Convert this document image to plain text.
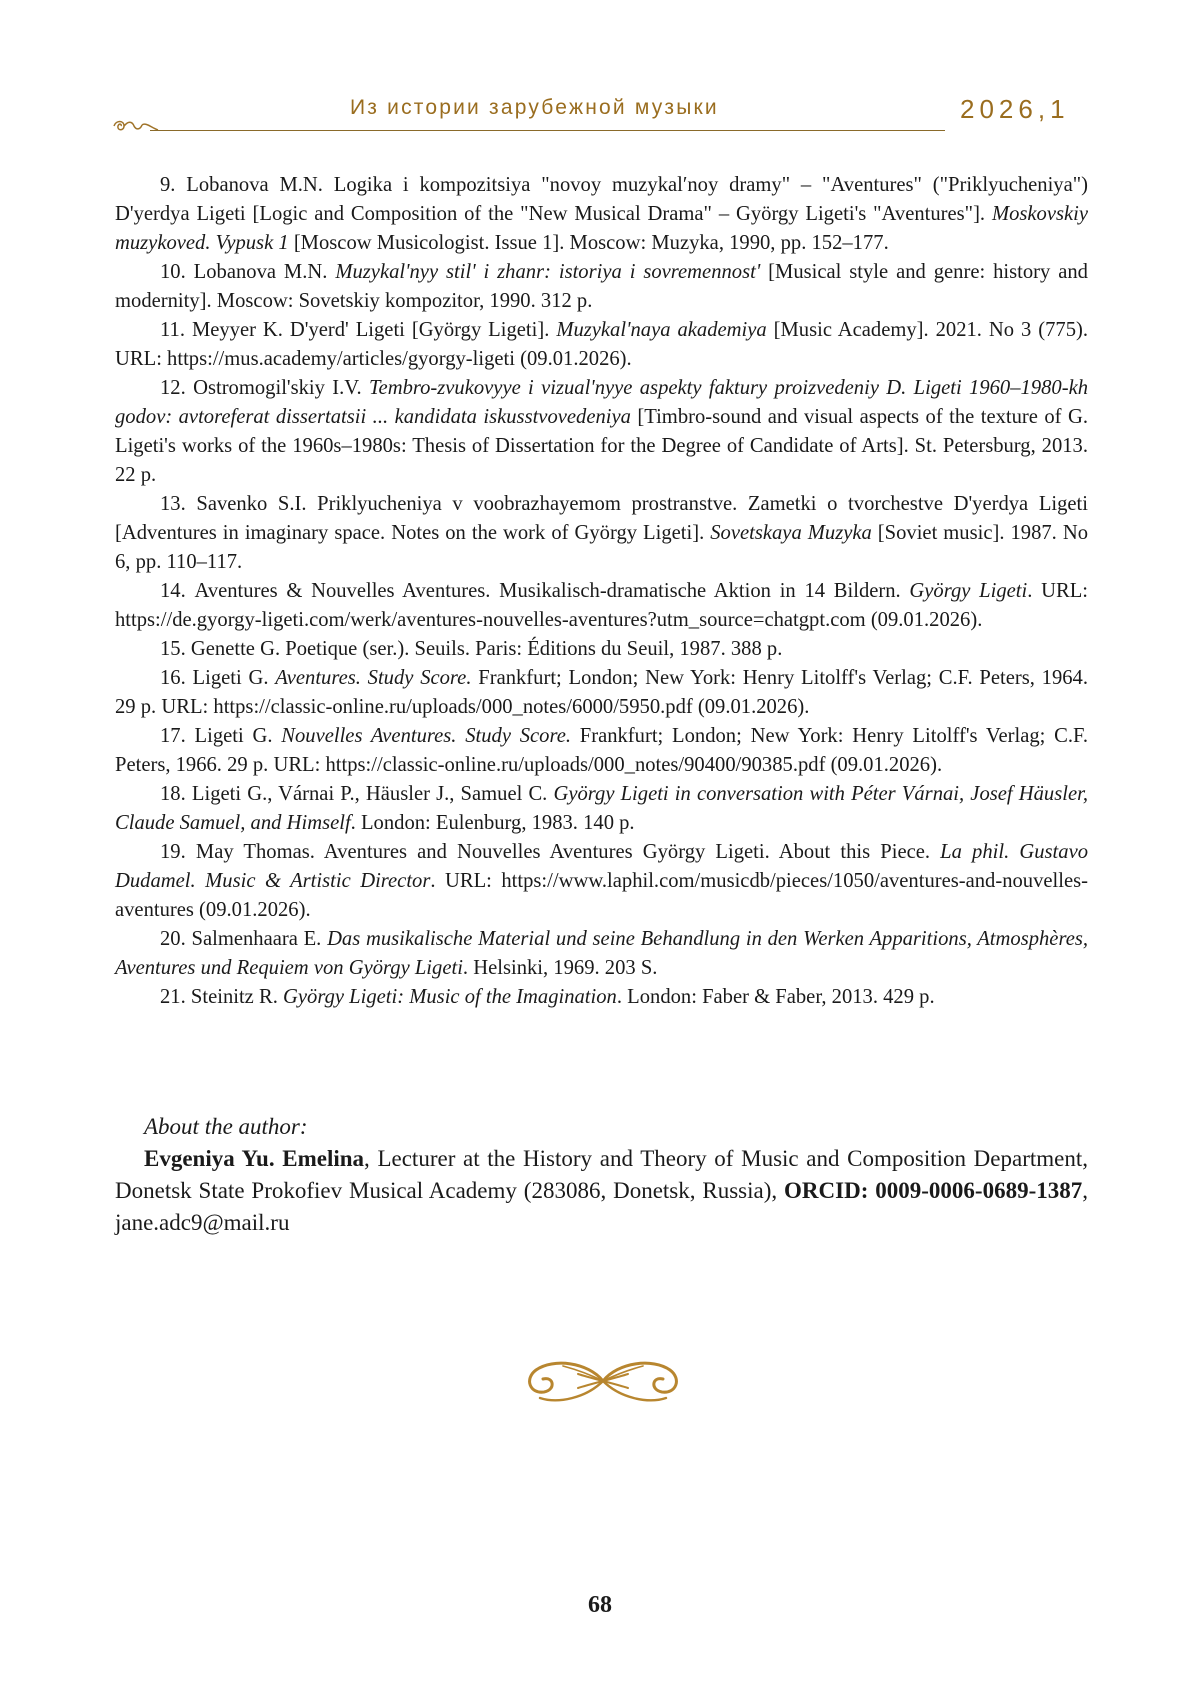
Из истории зарубежной музыки	2026,1

9. Lobanova M.N. Logika i kompozitsiya "novoy muzykal′noy dramy" – "Aventures" ("Priklyucheniya") D'yerdya Ligeti [Logic and Composition of the "New Musical Drama" – György Ligeti's "Aventures"]. Moskovskiy muzykoved. Vypusk 1 [Moscow Musicologist. Issue 1]. Moscow: Muzyka, 1990, pp. 152–177.

10. Lobanova M.N. Muzykal'nyy stil' i zhanr: istoriya i sovremennost' [Musical style and genre: history and modernity]. Moscow: Sovetskiy kompozitor, 1990. 312 p.

11. Meyyer K. D'yerd' Ligeti [György Ligeti]. Muzykal'naya akademiya [Music Academy]. 2021. No 3 (775). URL: https://mus.academy/articles/gyorgy-ligeti (09.01.2026).

12. Ostromogil'skiy I.V. Tembro-zvukovyye i vizual'nyye aspekty faktury proizvedeniy D. Ligeti 1960–1980-kh godov: avtoreferat dissertatsii ... kandidata iskusstvovedeniya [Timbro-sound and visual aspects of the texture of G. Ligeti's works of the 1960s–1980s: Thesis of Dissertation for the Degree of Candidate of Arts]. St. Petersburg, 2013. 22 p.

13. Savenko S.I. Priklyucheniya v voobrazhayemom prostranstve. Zametki o tvorchestve D'yerdya Ligeti [Adventures in imaginary space. Notes on the work of György Ligeti]. Sovetskaya Muzyka [Soviet music]. 1987. No 6, pp. 110–117.

14. Aventures & Nouvelles Aventures. Musikalisch-dramatische Aktion in 14 Bildern. György Ligeti. URL: https://de.gyorgy-ligeti.com/werk/aventures-nouvelles-aventures?utm_source=chatgpt.com (09.01.2026).

15. Genette G. Poetique (ser.). Seuils. Paris: Éditions du Seuil, 1987. 388 p.

16. Ligeti G. Aventures. Study Score. Frankfurt; London; New York: Henry Litolff's Verlag; C.F. Peters, 1964. 29 p. URL: https://classic-online.ru/uploads/000_notes/6000/5950.pdf (09.01.2026).

17. Ligeti G. Nouvelles Aventures. Study Score. Frankfurt; London; New York: Henry Litolff's Verlag; C.F. Peters, 1966. 29 p. URL: https://classic-online.ru/uploads/000_notes/90400/90385.pdf (09.01.2026).

18. Ligeti G., Várnai P., Häusler J., Samuel C. György Ligeti in conversation with Péter Várnai, Josef Häusler, Claude Samuel, and Himself. London: Eulenburg, 1983. 140 p.

19. May Thomas. Aventures and Nouvelles Aventures György Ligeti. About this Piece. La phil. Gustavo Dudamel. Music & Artistic Director. URL: https://www.laphil.com/musicdb/pieces/1050/aventures-and-nouvelles-aventures (09.01.2026).

20. Salmenhaara E. Das musikalische Material und seine Behandlung in den Werken Apparitions, Atmosphères, Aventures und Requiem von György Ligeti. Helsinki, 1969. 203 S.

21. Steinitz R. György Ligeti: Music of the Imagination. London: Faber & Faber, 2013. 429 p.

About the author:

Evgeniya Yu. Emelina, Lecturer at the History and Theory of Music and Composition Department, Donetsk State Prokofiev Musical Academy (283086, Donetsk, Russia), ORCID: 0009-0006-0689-1387, jane.adc9@mail.ru

68
